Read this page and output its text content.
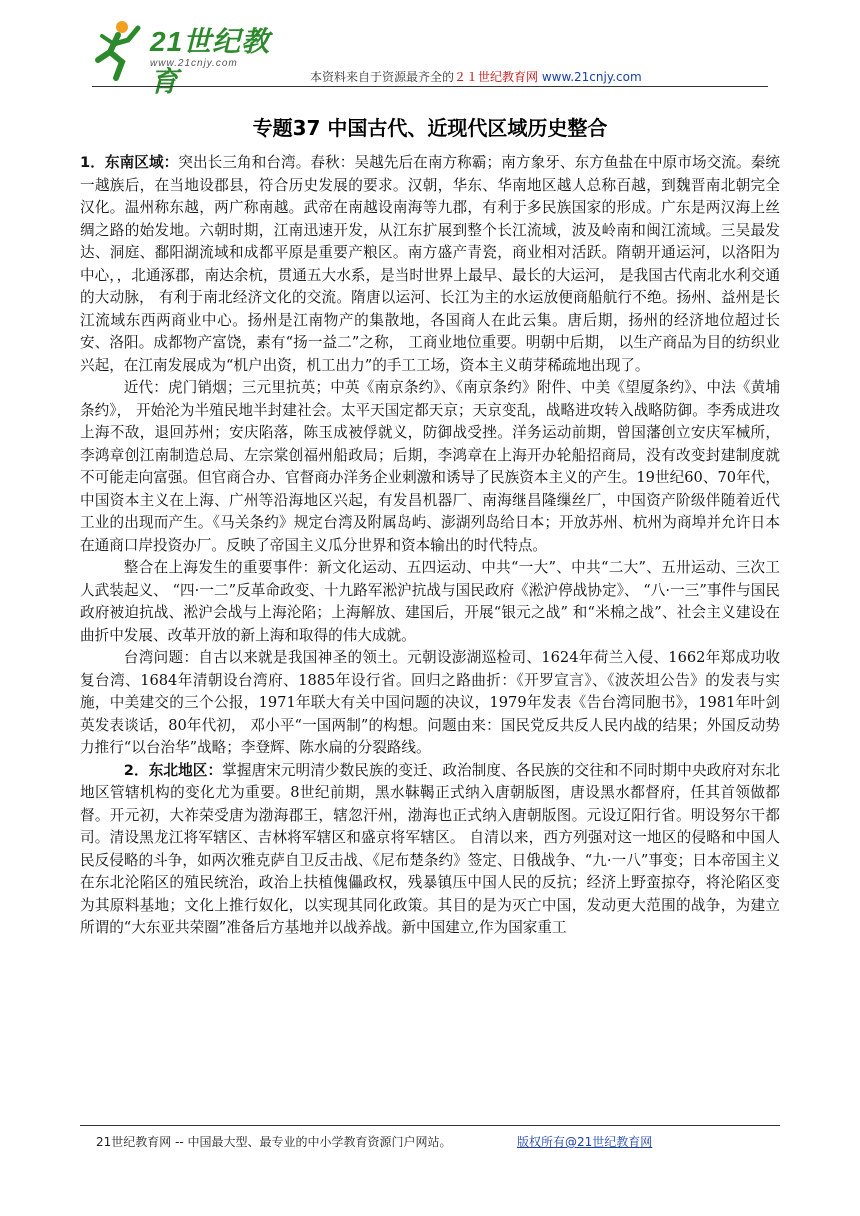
21世纪教育
www.21cnjy.com
本资料来自于资源最齐全的２１世纪教育网 www.21cnjy.com
专题37 中国古代、近现代区域历史整合

1．东南区域：突出长三角和台湾。春秋：吴越先后在南方称霸；南方象牙、东方鱼盐在中原市场交流。秦统一越族后，在当地设郡县，符合历史发展的要求。汉朝，华东、华南地区越人总称百越，到魏晋南北朝完全汉化。温州称东越，两广称南越。武帝在南越设南海等九郡，有利于多民族国家的形成。广东是两汉海上丝绸之路的始发地。六朝时期，江南迅速开发，从江东扩展到整个长江流域，波及岭南和闽江流域。三吴最发达、洞庭、鄱阳湖流域和成都平原是重要产粮区。南方盛产青瓷，商业相对活跃。隋朝开通运河，以洛阳为中心，，北通涿郡，南达余杭，贯通五大水系，是当时世界上最早、最长的大运河， 是我国古代南北水利交通的大动脉， 有利于南北经济文化的交流。隋唐以运河、长江为主的水运放便商船航行不绝。扬州、益州是长江流域东西两商业中心。扬州是江南物产的集散地，各国商人在此云集。唐后期，扬州的经济地位超过长安、洛阳。成都物产富饶，素有“扬一益二”之称， 工商业地位重要。明朝中后期， 以生产商品为目的纺织业兴起，在江南发展成为“机户出资，机工出力”的手工工场，资本主义萌芽稀疏地出现了。

近代：虎门销烟；三元里抗英；中英《南京条约》、《南京条约》附件、中美《望厦条约》、中法《黄埔条约》， 开始沦为半殖民地半封建社会。太平天国定都天京；天京变乱，战略进攻转入战略防御。李秀成进攻上海不敌，退回苏州；安庆陷落，陈玉成被俘就义，防御战受挫。洋务运动前期，曾国藩创立安庆军械所，李鸿章创江南制造总局、左宗棠创福州船政局；后期，李鸿章在上海开办轮船招商局，没有改变封建制度就不可能走向富强。但官商合办、官督商办洋务企业刺激和诱导了民族资本主义的产生。19世纪60、70年代，中国资本主义在上海、广州等沿海地区兴起，有发昌机器厂、南海继昌隆缫丝厂，中国资产阶级伴随着近代工业的出现而产生。《马关条约》规定台湾及附属岛屿、澎湖列岛给日本；开放苏州、杭州为商埠并允许日本在通商口岸投资办厂。反映了帝国主义瓜分世界和资本输出的时代特点。

整合在上海发生的重要事件：新文化运动、五四运动、中共“一大”、中共“二大”、五卅运动、三次工人武装起义、 “四·一二”反革命政变、十九路军淞沪抗战与国民政府《淞沪停战协定》、 “八·一三”事件与国民政府被迫抗战、淞沪会战与上海沦陷；上海解放、建国后，开展“银元之战” 和“米棉之战”、社会主义建设在曲折中发展、改革开放的新上海和取得的伟大成就。

台湾问题：自古以来就是我国神圣的领土。元朝设澎湖巡检司、1624年荷兰入侵、1662年郑成功收复台湾、1684年清朝设台湾府、1885年设行省。回归之路曲折：《开罗宣言》、《波茨坦公告》的发表与实施，中美建交的三个公报，1971年联大有关中国问题的决议，1979年发表《告台湾同胞书》，1981年叶剑英发表谈话，80年代初， 邓小平“一国两制”的构想。问题由来：国民党反共反人民内战的结果；外国反动势力推行“以台治华”战略；李登辉、陈水扁的分裂路线。

2．东北地区：掌握唐宋元明清少数民族的变迁、政治制度、各民族的交往和不同时期中央政府对东北地区管辖机构的变化尤为重要。8世纪前期，黑水靺鞨正式纳入唐朝版图，唐设黑水都督府，任其首领做都督。开元初，大祚荣受唐为渤海郡王，辖忽汗州，渤海也正式纳入唐朝版图。元设辽阳行省。明设努尔干都司。清设黑龙江将军辖区、吉林将军辖区和盛京将军辖区。 自清以来，西方列强对这一地区的侵略和中国人民反侵略的斗争，如两次雅克萨自卫反击战、《尼布楚条约》签定、日俄战争、“九·一八”事变；日本帝国主义在东北沦陷区的殖民统治，政治上扶植傀儡政权，残暴镇压中国人民的反抗；经济上野蛮掠夺，将沦陷区变为其原料基地；文化上推行奴化，以实现其同化政策。其目的是为灭亡中国，发动更大范围的战争，为建立所谓的“大东亚共荣圈”准备后方基地并以战养战。新中国建立,作为国家重工

21世纪教育网 -- 中国最大型、最专业的中小学教育资源门户网站。	版权所有@21世纪教育网
